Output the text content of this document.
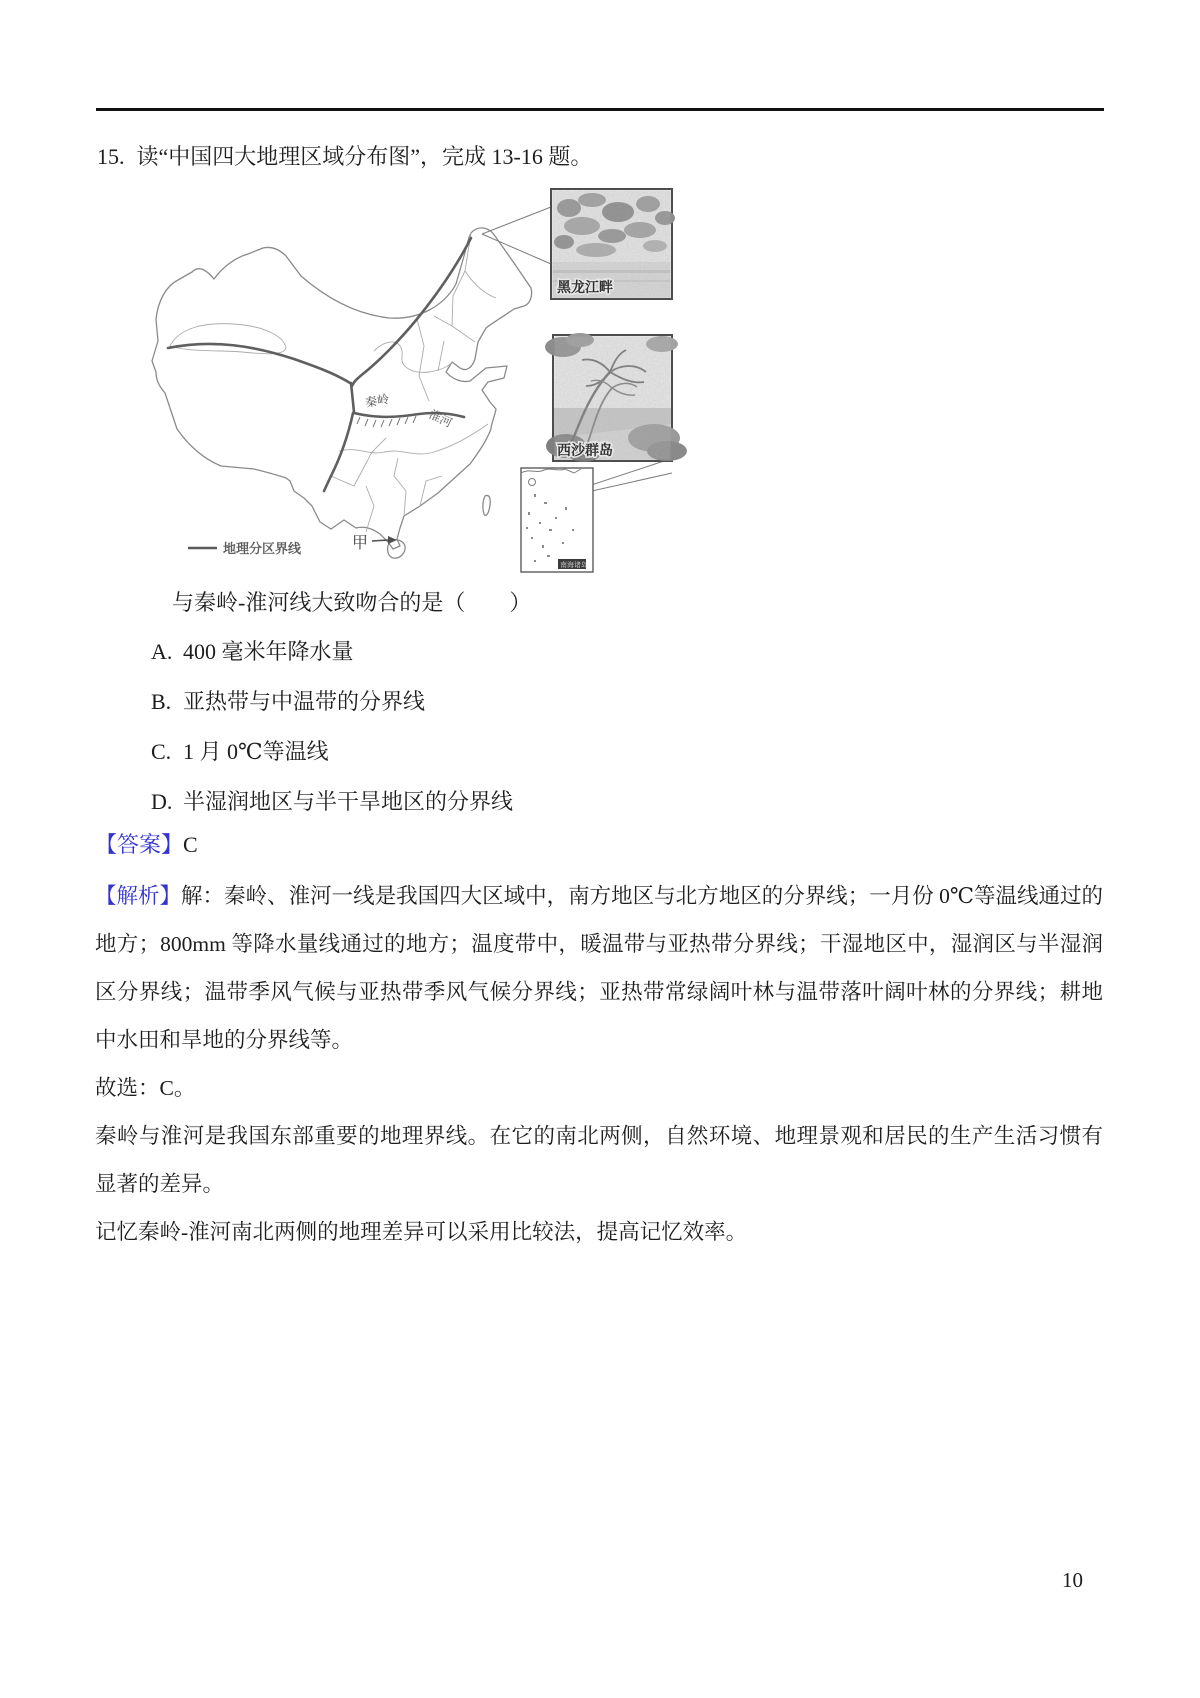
15. 读“中国四大地理区域分布图”，完成 13-16 题。
秦岭
淮河
甲
地理分区界线
黑龙江畔
西沙群岛
南海诸岛
与秦岭-淮河线大致吻合的是（　　）
A. 400 毫米年降水量
B. 亚热带与中温带的分界线
C. 1 月 0℃等温线
D. 半湿润地区与半干旱地区的分界线
【答案】C

【解析】解：秦岭、淮河一线是我国四大区域中，南方地区与北方地区的分界线；一月份 0℃等温线通过的地方；800mm 等降水量线通过的地方；温度带中，暖温带与亚热带分界线；干湿地区中，湿润区与半湿润区分界线；温带季风气候与亚热带季风气候分界线；亚热带常绿阔叶林与温带落叶阔叶林的分界线；耕地中水田和旱地的分界线等。

故选：C。

秦岭与淮河是我国东部重要的地理界线。在它的南北两侧，自然环境、地理景观和居民的生产生活习惯有显著的差异。

记忆秦岭-淮河南北两侧的地理差异可以采用比较法，提高记忆效率。

10
